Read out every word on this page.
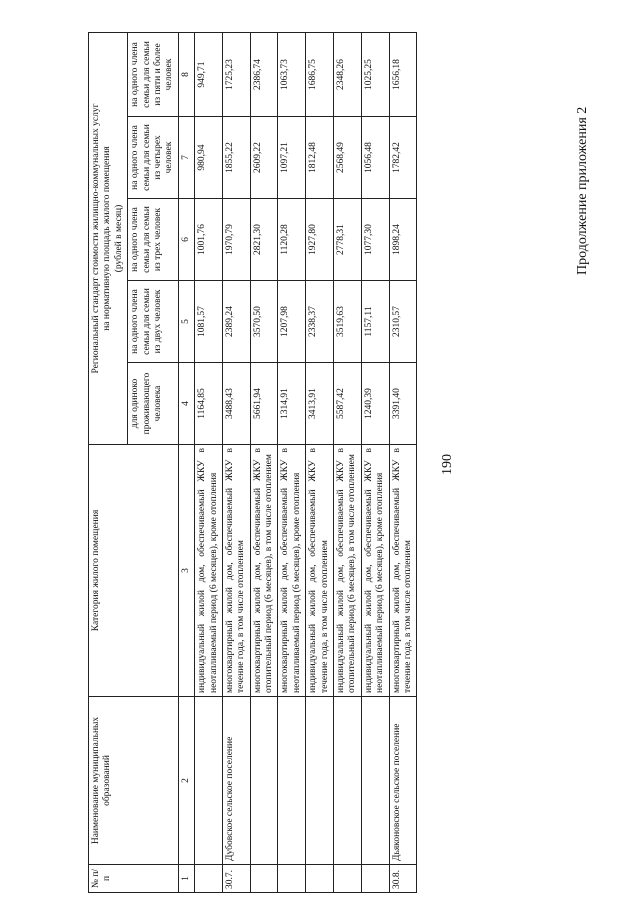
190
Продолжение приложения 2
№ п/п	Наименование муниципальных образований	Категория жилого помещения	Региональный стандарт стоимости жилищно-коммунальных услуг на нормативную площадь жилого помещения (рублей в месяц)				

			для одиноко проживающего человека	на одного члена семьи для семьи из двух человек	на одного члена семьи для семьи из трех человек	на одного члена семьи для семьи из четырех человек	на одного члена семьи для семьи из пяти и более человек
1	2	3	4	5	6	7	8
		индивидуальный жилой дом, обеспечиваемый ЖКУ в неотапливаемый период (6 месяцев), кроме отопления	1164,85	1081,57	1001,76	980,94	949,71
30.7.	Дубовское сельское поселение	многоквартирный жилой дом, обеспечиваемый ЖКУ в течение года, в том числе отоплением	3488,43	2389,24	1970,79	1855,22	1725,23
		многоквартирный жилой дом, обеспечиваемый ЖКУ в отопительный период (6 месяцев), в том числе отоплением	5661,94	3570,50	2821,30	2609,22	2386,74
		многоквартирный жилой дом, обеспечиваемый ЖКУ в неотапливаемый период (6 месяцев), кроме отопления	1314,91	1207,98	1120,28	1097,21	1063,73
		индивидуальный жилой дом, обеспечиваемый ЖКУ в течение года, в том числе отоплением	3413,91	2338,37	1927,80	1812,48	1686,75
		индивидуальный жилой дом, обеспечиваемый ЖКУ в отопительный период (6 месяцев), в том числе отоплением	5587,42	3519,63	2778,31	2568,49	2348,26
		индивидуальный жилой дом, обеспечиваемый ЖКУ в неотапливаемый период (6 месяцев), кроме отопления	1240,39	1157,11	1077,30	1056,48	1025,25
30.8.	Дьяконовское сельское поселение	многоквартирный жилой дом, обеспечиваемый ЖКУ в течение года, в том числе отоплением	3391,40	2310,57	1898,24	1782,42	1656,18
